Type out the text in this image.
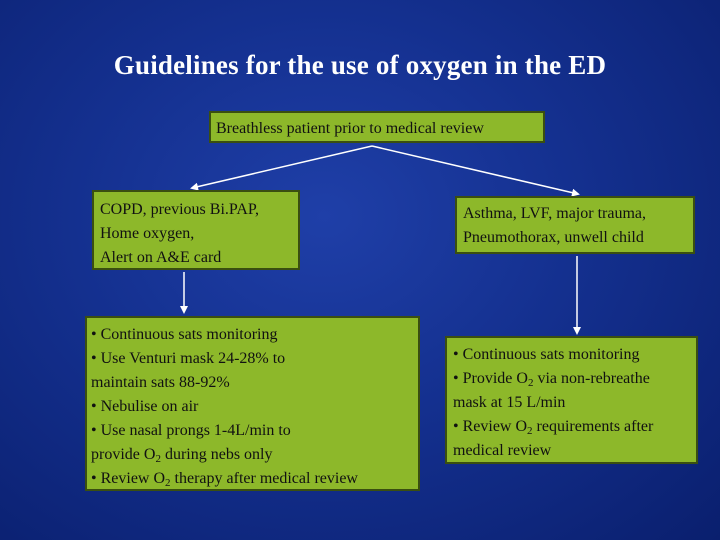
Guidelines for the use of oxygen in the ED
Breathless patient prior to medical review

COPD, previous Bi.PAP,

Home oxygen,

Alert on A&E card

Asthma, LVF, major trauma,

Pneumothorax, unwell child

• Continuous sats monitoring

• Use Venturi mask 24-28% to

maintain sats 88-92%

• Nebulise on air

• Use nasal prongs 1-4L/min to

provide $O_2$ during nebs only

• Review $O_2$ therapy after medical review

• Continuous sats monitoring

• Provide $O_2$ via non-rebreathe

mask at 15 L/min

• Review $O_2$ requirements after

medical review
